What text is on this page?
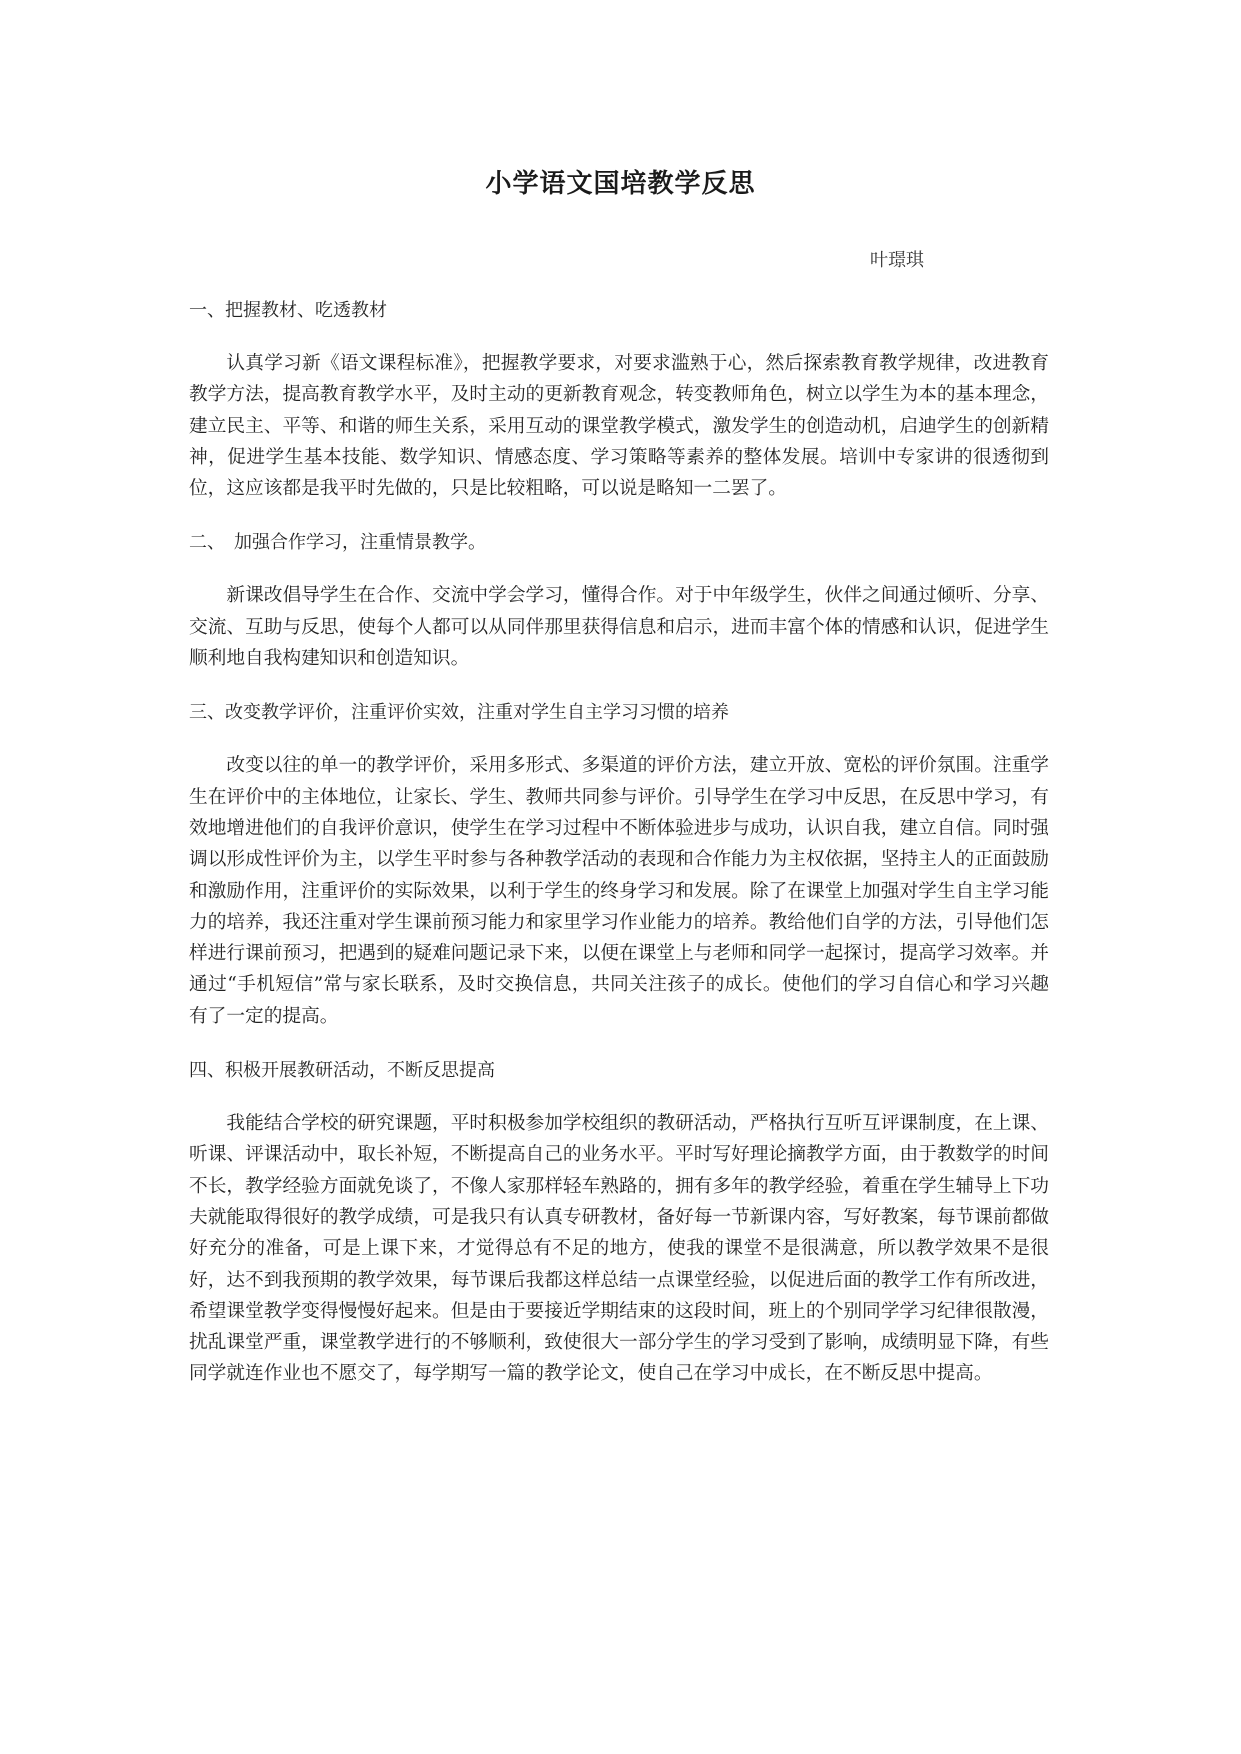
小学语文国培教学反思
叶璟琪

一、把握教材、吃透教材

认真学习新《语文课程标准》，把握教学要求，对要求滥熟于心，然后探索教育教学规律，改进教育教学方法，提高教育教学水平，及时主动的更新教育观念，转变教师角色，树立以学生为本的基本理念，建立民主、平等、和谐的师生关系，采用互动的课堂教学模式，激发学生的创造动机，启迪学生的创新精神，促进学生基本技能、数学知识、情感态度、学习策略等素养的整体发展。培训中专家讲的很透彻到位，这应该都是我平时先做的，只是比较粗略，可以说是略知一二罢了。

二、　加强合作学习，注重情景教学。

新课改倡导学生在合作、交流中学会学习，懂得合作。对于中年级学生，伙伴之间通过倾听、分享、交流、互助与反思，使每个人都可以从同伴那里获得信息和启示，进而丰富个体的情感和认识，促进学生顺利地自我构建知识和创造知识。

三、改变教学评价，注重评价实效，注重对学生自主学习习惯的培养

改变以往的单一的教学评价，采用多形式、多渠道的评价方法，建立开放、宽松的评价氛围。注重学生在评价中的主体地位，让家长、学生、教师共同参与评价。引导学生在学习中反思，在反思中学习，有效地增进他们的自我评价意识，使学生在学习过程中不断体验进步与成功，认识自我，建立自信。同时强调以形成性评价为主，以学生平时参与各种教学活动的表现和合作能力为主权依据，坚持主人的正面鼓励和激励作用，注重评价的实际效果，以利于学生的终身学习和发展。除了在课堂上加强对学生自主学习能力的培养，我还注重对学生课前预习能力和家里学习作业能力的培养。教给他们自学的方法，引导他们怎样进行课前预习，把遇到的疑难问题记录下来，以便在课堂上与老师和同学一起探讨，提高学习效率。并通过“手机短信”常与家长联系，及时交换信息，共同关注孩子的成长。使他们的学习自信心和学习兴趣有了一定的提高。

四、积极开展教研活动，不断反思提高

我能结合学校的研究课题，平时积极参加学校组织的教研活动，严格执行互听互评课制度，在上课、听课、评课活动中，取长补短，不断提高自己的业务水平。平时写好理论摘教学方面，由于教数学的时间不长，教学经验方面就免谈了，不像人家那样轻车熟路的，拥有多年的教学经验，着重在学生辅导上下功夫就能取得很好的教学成绩，可是我只有认真专研教材，备好每一节新课内容，写好教案，每节课前都做好充分的准备，可是上课下来，才觉得总有不足的地方，使我的课堂不是很满意，所以教学效果不是很好，达不到我预期的教学效果，每节课后我都这样总结一点课堂经验，以促进后面的教学工作有所改进，希望课堂教学变得慢慢好起来。但是由于要接近学期结束的这段时间，班上的个别同学学习纪律很散漫，扰乱课堂严重，课堂教学进行的不够顺利，致使很大一部分学生的学习受到了影响，成绩明显下降，有些同学就连作业也不愿交了，每学期写一篇的教学论文，使自己在学习中成长，在不断反思中提高。
